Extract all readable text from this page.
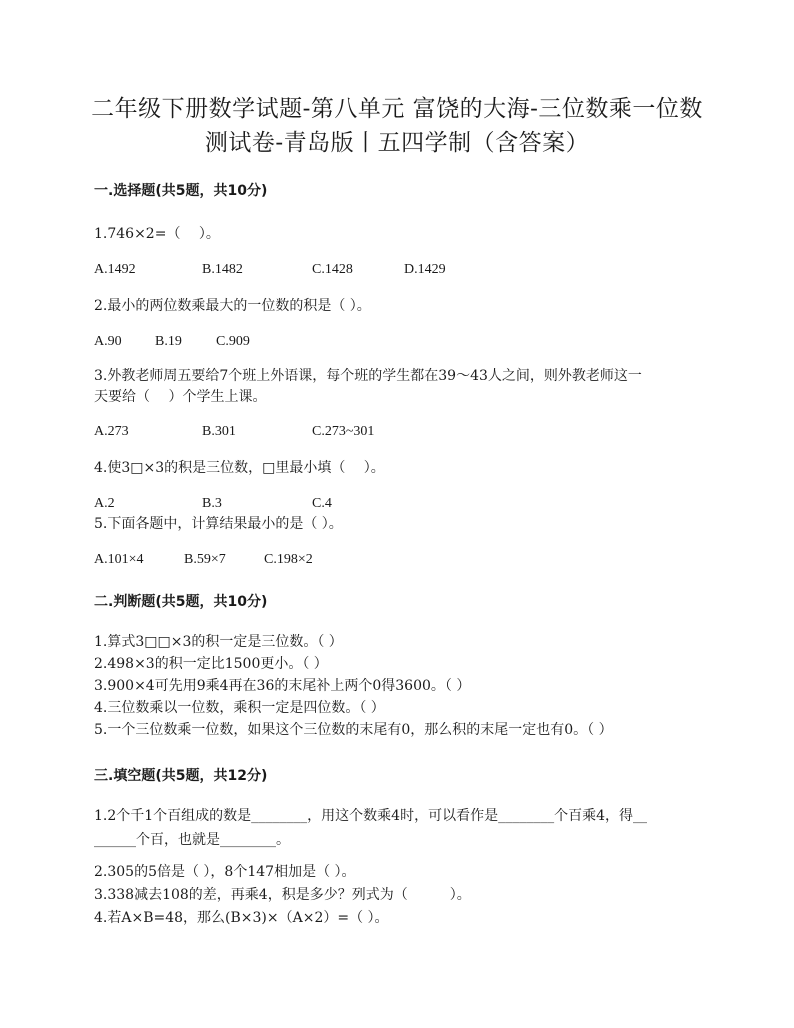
二年级下册数学试题-第八单元 富饶的大海-三位数乘一位数
测试卷-青岛版丨五四学制（含答案）
一.选择题(共5题，共10分)
1.746×2=（　 ）。
A.1492	B.1482	C.1428	D.1429
2.最小的两位数乘最大的一位数的积是（ ）。
A.90 B.19 C.909
3.外教老师周五要给7个班上外语课，每个班的学生都在39～43人之间，则外教老师这一
天要给（　 ）个学生上课。
A.273	B.301	C.273~301
4.使3□×3的积是三位数，□里最小填（　 ）。
A.2	B.3	C.4
5.下面各题中，计算结果最小的是（ ）。
A.101×4	B.59×7	C.198×2
二.判断题(共5题，共10分)
1.算式3□□×3的积一定是三位数。（ ）
2.498×3的积一定比1500更小。（ ）
3.900×4可先用9乘4再在36的末尾补上两个0得3600。（ ）
4.三位数乘以一位数，乘积一定是四位数。（ ）
5.一个三位数乘一位数，如果这个三位数的末尾有0，那么积的末尾一定也有0。（ ）
三.填空题(共5题，共12分)
1.2个千1个百组成的数是________，用这个数乘4时，可以看作是________个百乘4，得__
______个百，也就是________。
2.305的5倍是（ ），8个147相加是（ ）。
3.338减去108的差，再乘4，积是多少？列式为（　　　）。
4.若A×B=48，那么(B×3)×（A×2）=（ ）。
